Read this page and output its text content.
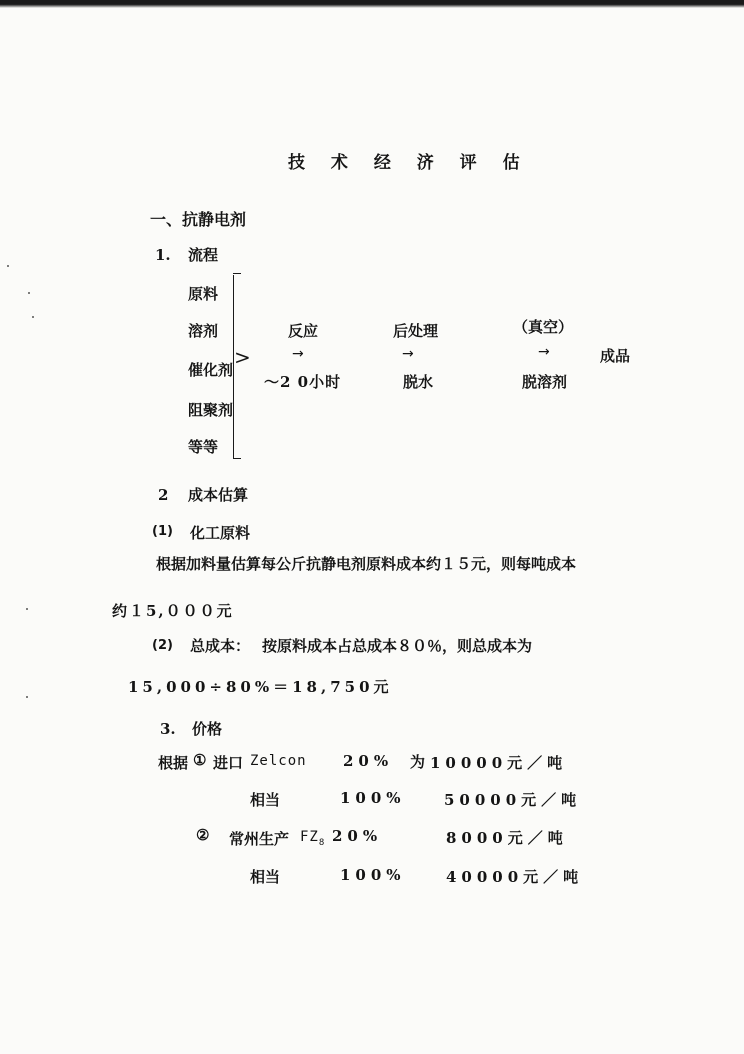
技 术 经 济 评 估
一、抗静电剂
1. 流程
原料
溶剂
催化剂
阻聚剂
等等
>
反应
→
～2 0小时
后处理
→
脱水
（真空）
→
脱溶剂
成品
2 成本估算
(1) 化工原料
根据加料量估算每公斤抗静电剂原料成本约１５元，则每吨成本
约１5,０００元
(2) 总成本： 按原料成本占总成本８０％，则总成本为
15,000÷80%＝18,750元
3. 价格
根据 ① 进口 Zelcon 20% 为 10000元／吨
相当	100%	50000元／吨
② 常州生产 $FZ_8$ 20%	8000元／吨
相当	100%	40000元／吨
